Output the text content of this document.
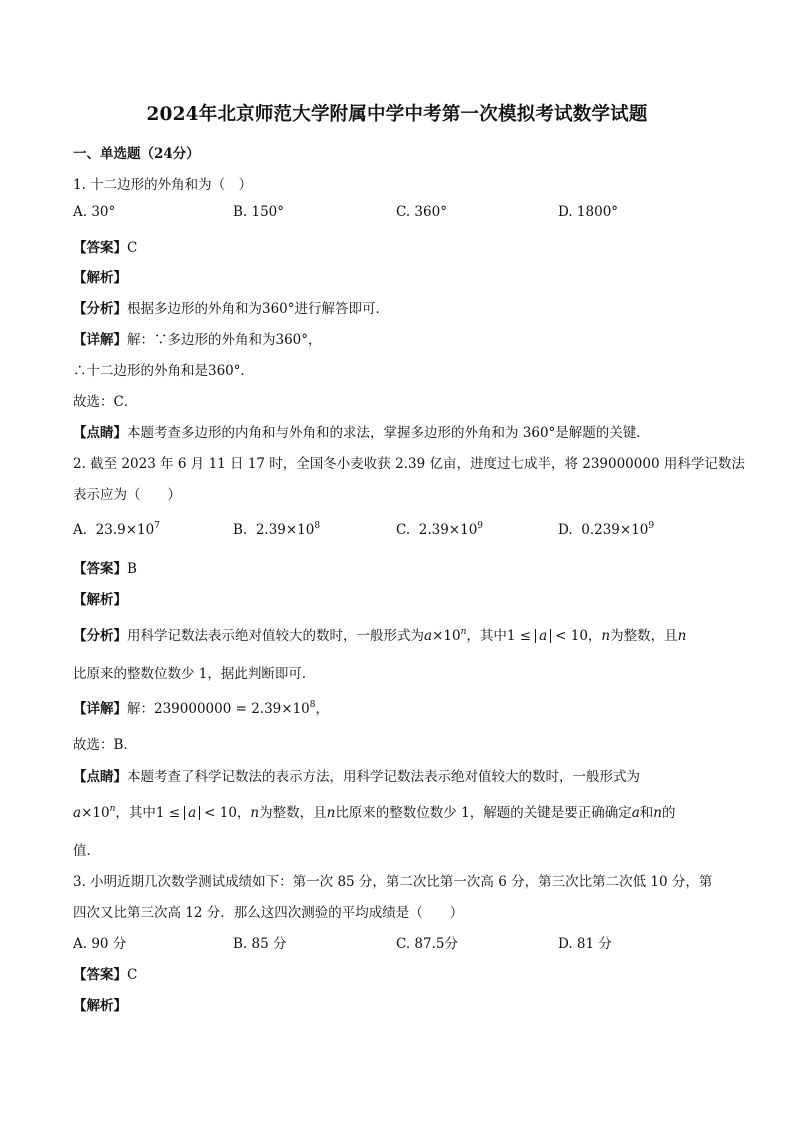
2024年北京师范大学附属中学中考第一次模拟考试数学试题
一、单选题（24分）
1. 十二边形的外角和为（　）
A. 30°	B. 150°	C. 360°	D. 1800°
【答案】C
【解析】
【分析】根据多边形的外角和为360°进行解答即可．
【详解】解：∵多边形的外角和为360°，
∴十二边形的外角和是360°．
故选：C．
【点睛】本题考查多边形的内角和与外角和的求法，掌握多边形的外角和为 360°是解题的关键．
2. 截至 2023 年 6 月 11 日 17 时，全国冬小麦收获 2.39 亿亩，进度过七成半，将 239000000 用科学记数法
表示应为（　　）
A. $23.9\times 10^7$	B. $2.39\times 10^8$	C. $2.39\times 10^9$	D. $0.239\times 10^9$
【答案】B
【解析】
【分析】用科学记数法表示绝对值较大的数时，一般形式为$a\times 10^n$，其中1 ≤ a < 10，n为整数，且n
比原来的整数位数少 1，据此判断即可．
【详解】解：$239000000 = 2.39\times 10^8$，
故选：B．
【点睛】本题考查了科学记数法的表示方法，用科学记数法表示绝对值较大的数时，一般形式为
$a\times 10^n$，其中1 ≤ a < 10，n为整数，且n比原来的整数位数少 1，解题的关键是要正确确定a和n的
值．
3. 小明近期几次数学测试成绩如下：第一次 85 分，第二次比第一次高 6 分，第三次比第二次低 10 分，第
四次又比第三次高 12 分．那么这四次测验的平均成绩是（　　）
A. 90 分	B. 85 分	C. 87.5分	D. 81 分
【答案】C
【解析】
